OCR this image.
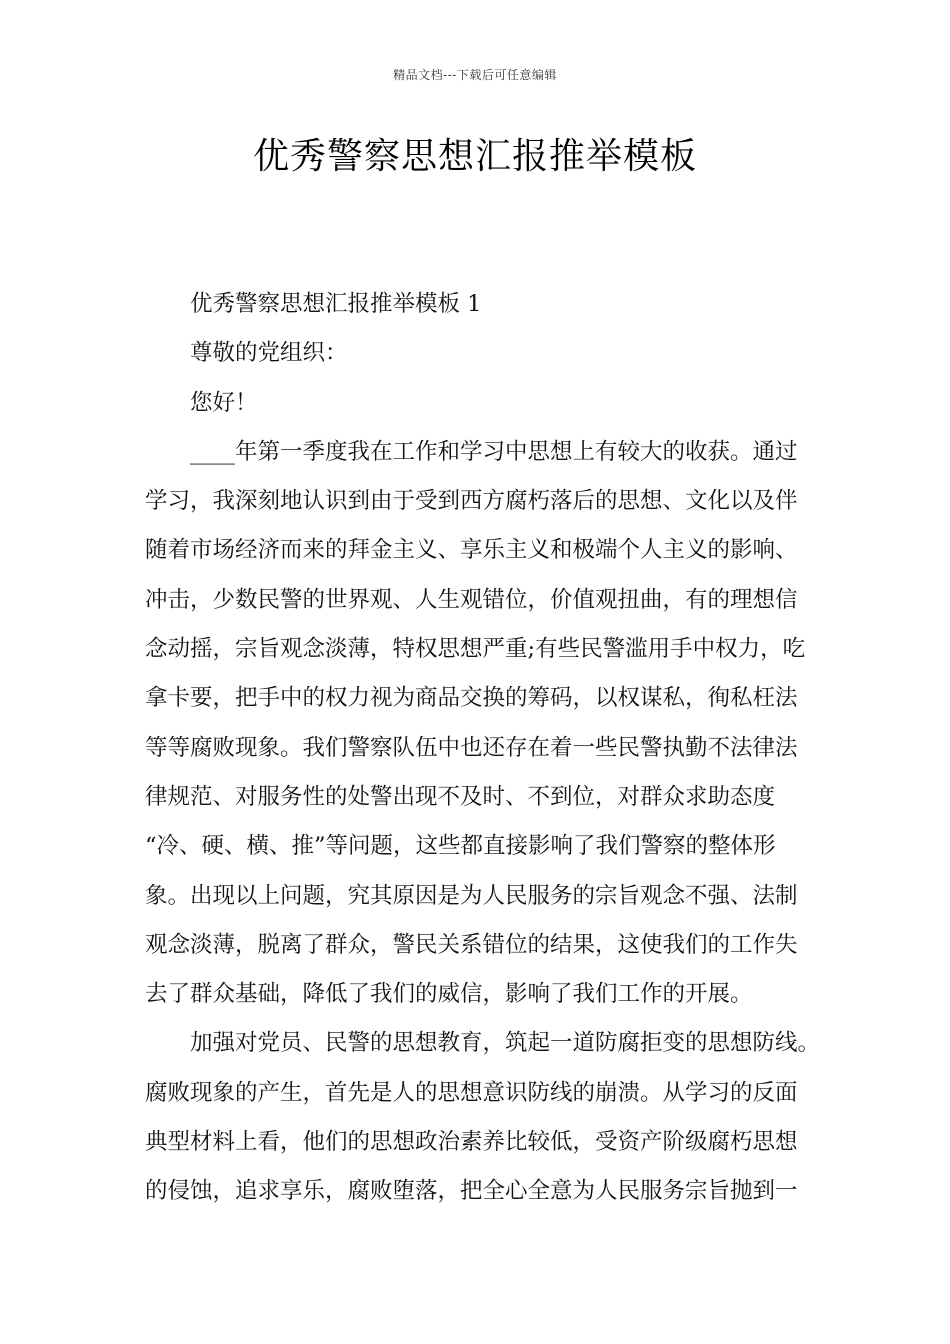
精品文档---下载后可任意编辑
优秀警察思想汇报推举模板
优秀警察思想汇报推举模板 1
尊敬的党组织：
您好！
____年第一季度我在工作和学习中思想上有较大的收获。通过
学习，我深刻地认识到由于受到西方腐朽落后的思想、文化以及伴
随着市场经济而来的拜金主义、享乐主义和极端个人主义的影响、
冲击，少数民警的世界观、人生观错位，价值观扭曲，有的理想信
念动摇，宗旨观念淡薄，特权思想严重;有些民警滥用手中权力，吃
拿卡要，把手中的权力视为商品交换的筹码，以权谋私，徇私枉法
等等腐败现象。我们警察队伍中也还存在着一些民警执勤不法律法
律规范、对服务性的处警出现不及时、不到位，对群众求助态度
“冷、硬、横、推”等问题，这些都直接影响了我们警察的整体形
象。出现以上问题，究其原因是为人民服务的宗旨观念不强、法制
观念淡薄，脱离了群众，警民关系错位的结果，这使我们的工作失
去了群众基础，降低了我们的威信，影响了我们工作的开展。
加强对党员、民警的思想教育，筑起一道防腐拒变的思想防线。
腐败现象的产生，首先是人的思想意识防线的崩溃。从学习的反面
典型材料上看，他们的思想政治素养比较低，受资产阶级腐朽思想
的侵蚀，追求享乐，腐败堕落，把全心全意为人民服务宗旨抛到一
